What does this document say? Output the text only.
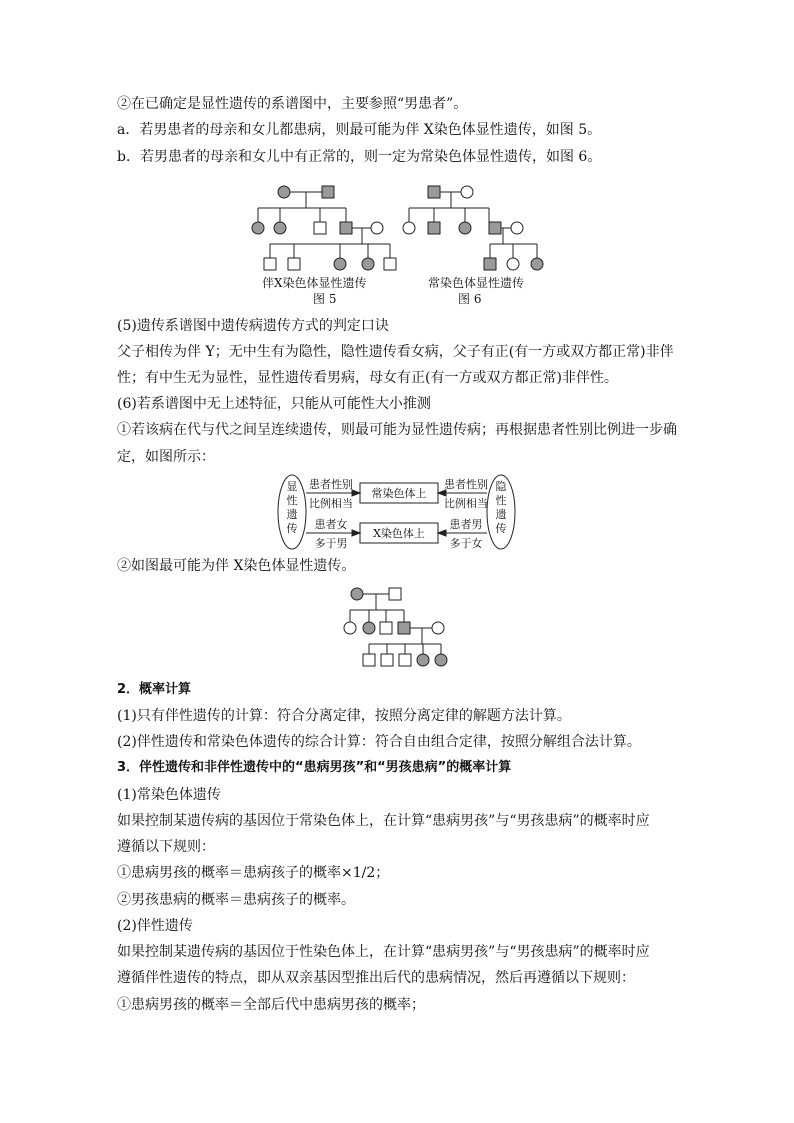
②在已确定是显性遗传的系谱图中，主要参照“男患者”。
a．若男患者的母亲和女儿都患病，则最可能为伴 X染色体显性遗传，如图 5。
b．若男患者的母亲和女儿中有正常的，则一定为常染色体显性遗传，如图 6。
伴X染色体显性遗传
图 5
常染色体显性遗传
图 6
(5)遗传系谱图中遗传病遗传方式的判定口诀
父子相传为伴 Y；无中生有为隐性，隐性遗传看女病，父子有正(有一方或双方都正常)非伴
性；有中生无为显性，显性遗传看男病，母女有正(有一方或双方都正常)非伴性。
(6)若系谱图中无上述特征，只能从可能性大小推测
①若该病在代与代之间呈连续遗传，则最可能为显性遗传病；再根据患者性别比例进一步确
定，如图所示：
显
性
遗
传
隐
性
遗
传
常染色体上
X染色体上
患者性别
比例相当
患者性别
比例相当
患者女
多于男
患者男
多于女
②如图最可能为伴 X染色体显性遗传。
2．概率计算
(1)只有伴性遗传的计算：符合分离定律，按照分离定律的解题方法计算。
(2)伴性遗传和常染色体遗传的综合计算：符合自由组合定律，按照分解组合法计算。
3．伴性遗传和非伴性遗传中的“患病男孩”和“男孩患病”的概率计算
(1)常染色体遗传
如果控制某遗传病的基因位于常染色体上，在计算“患病男孩”与“男孩患病”的概率时应
遵循以下规则：
①患病男孩的概率＝患病孩子的概率×1/2；
②男孩患病的概率＝患病孩子的概率。
(2)伴性遗传
如果控制某遗传病的基因位于性染色体上，在计算“患病男孩”与“男孩患病”的概率时应
遵循伴性遗传的特点，即从双亲基因型推出后代的患病情况，然后再遵循以下规则：
①患病男孩的概率＝全部后代中患病男孩的概率；
